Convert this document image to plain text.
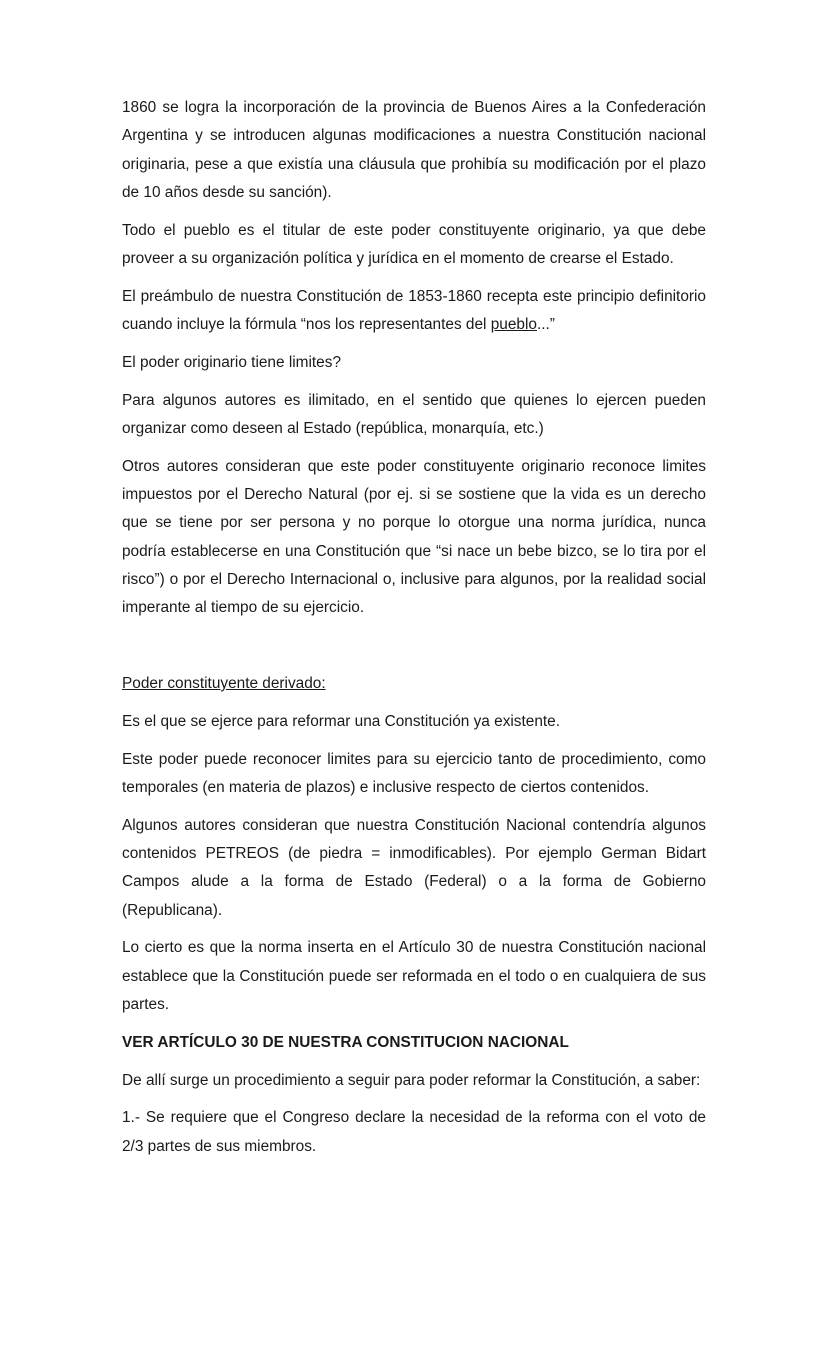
1860 se logra la incorporación de la provincia de Buenos Aires a la Confederación Argentina y se introducen algunas modificaciones a nuestra Constitución nacional originaria, pese a que existía una cláusula que prohibía su modificación por el plazo de 10 años desde su sanción).

Todo el pueblo es el titular de este poder constituyente originario, ya que debe proveer a su organización política y jurídica en el momento de crearse el Estado.

El preámbulo de nuestra Constitución de 1853-1860 recepta este principio definitorio cuando incluye la fórmula “nos los representantes del pueblo...”

El poder originario tiene limites?

Para algunos autores es ilimitado, en el sentido que quienes lo ejercen pueden organizar como deseen al Estado (república, monarquía, etc.)

Otros autores consideran que este poder constituyente originario reconoce limites impuestos por el Derecho Natural (por ej. si se sostiene que la vida es un derecho que se tiene por ser persona y no porque lo otorgue una norma jurídica, nunca podría establecerse en una Constitución que “si nace un bebe bizco, se lo tira por el risco”) o por el Derecho Internacional o, inclusive para algunos, por la realidad social imperante al tiempo de su ejercicio.

Poder constituyente derivado:

Es el que se ejerce para reformar una Constitución ya existente.

Este poder puede reconocer limites para su ejercicio tanto de procedimiento, como temporales (en materia de plazos) e inclusive respecto de ciertos contenidos.

Algunos autores consideran que nuestra Constitución Nacional contendría algunos contenidos PETREOS (de piedra = inmodificables). Por ejemplo German Bidart Campos alude a la forma de Estado (Federal) o a la forma de Gobierno (Republicana).

Lo cierto es que la norma inserta en el Artículo 30 de nuestra Constitución nacional establece que la Constitución puede ser reformada en el todo o en cualquiera de sus partes.

VER ARTÍCULO 30 DE NUESTRA CONSTITUCION NACIONAL

De allí surge un procedimiento a seguir para poder reformar la Constitución, a saber:

1.- Se requiere que el Congreso declare la necesidad de la reforma con el voto de 2/3 partes de sus miembros.
